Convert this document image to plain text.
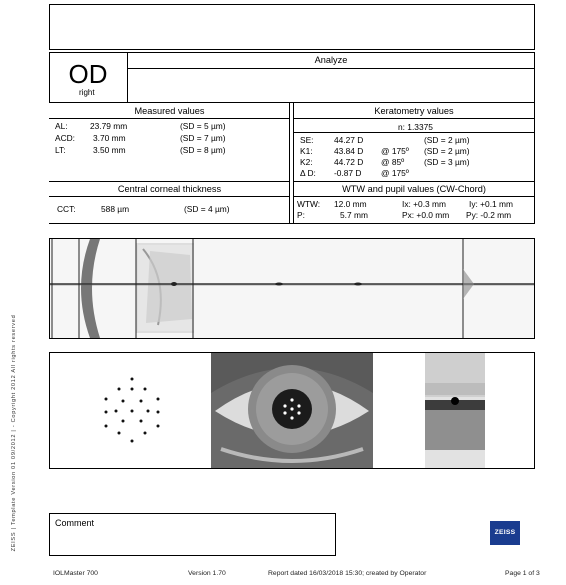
OD
right
Analyze
Measured values
AL:	23.79 mm	(SD = 5 µm)
ACD: 3.70 mm	(SD = 7 µm)
LT:	3.50 mm	(SD = 8 µm)
Central corneal thickness
CCT:	588 µm	(SD = 4 µm)
Keratometry values
n: 1.3375
SE: 44.27 D	(SD = 2 µm)
K1:	43.84 D @ 175º (SD = 2 µm)
K2:	44.72 D @ 85º (SD = 3 µm)
Δ D: -0.87 D @ 175º
WTW and pupil values (CW-Chord)
WTW: 12.0 mm	Ix: +0.3 mm	Iy: +0.1 mm
P:	5.7 mm	Px: +0.0 mm Py: -0.2 mm
Comment
ZEISS
ZEISS | Template Version 01 09/2012 | - Copyright 2012 All rights reserved
IOLMaster 700	Version 1.70	Report dated 16/03/2018 15:30; created by Operator	Page 1 of 3
